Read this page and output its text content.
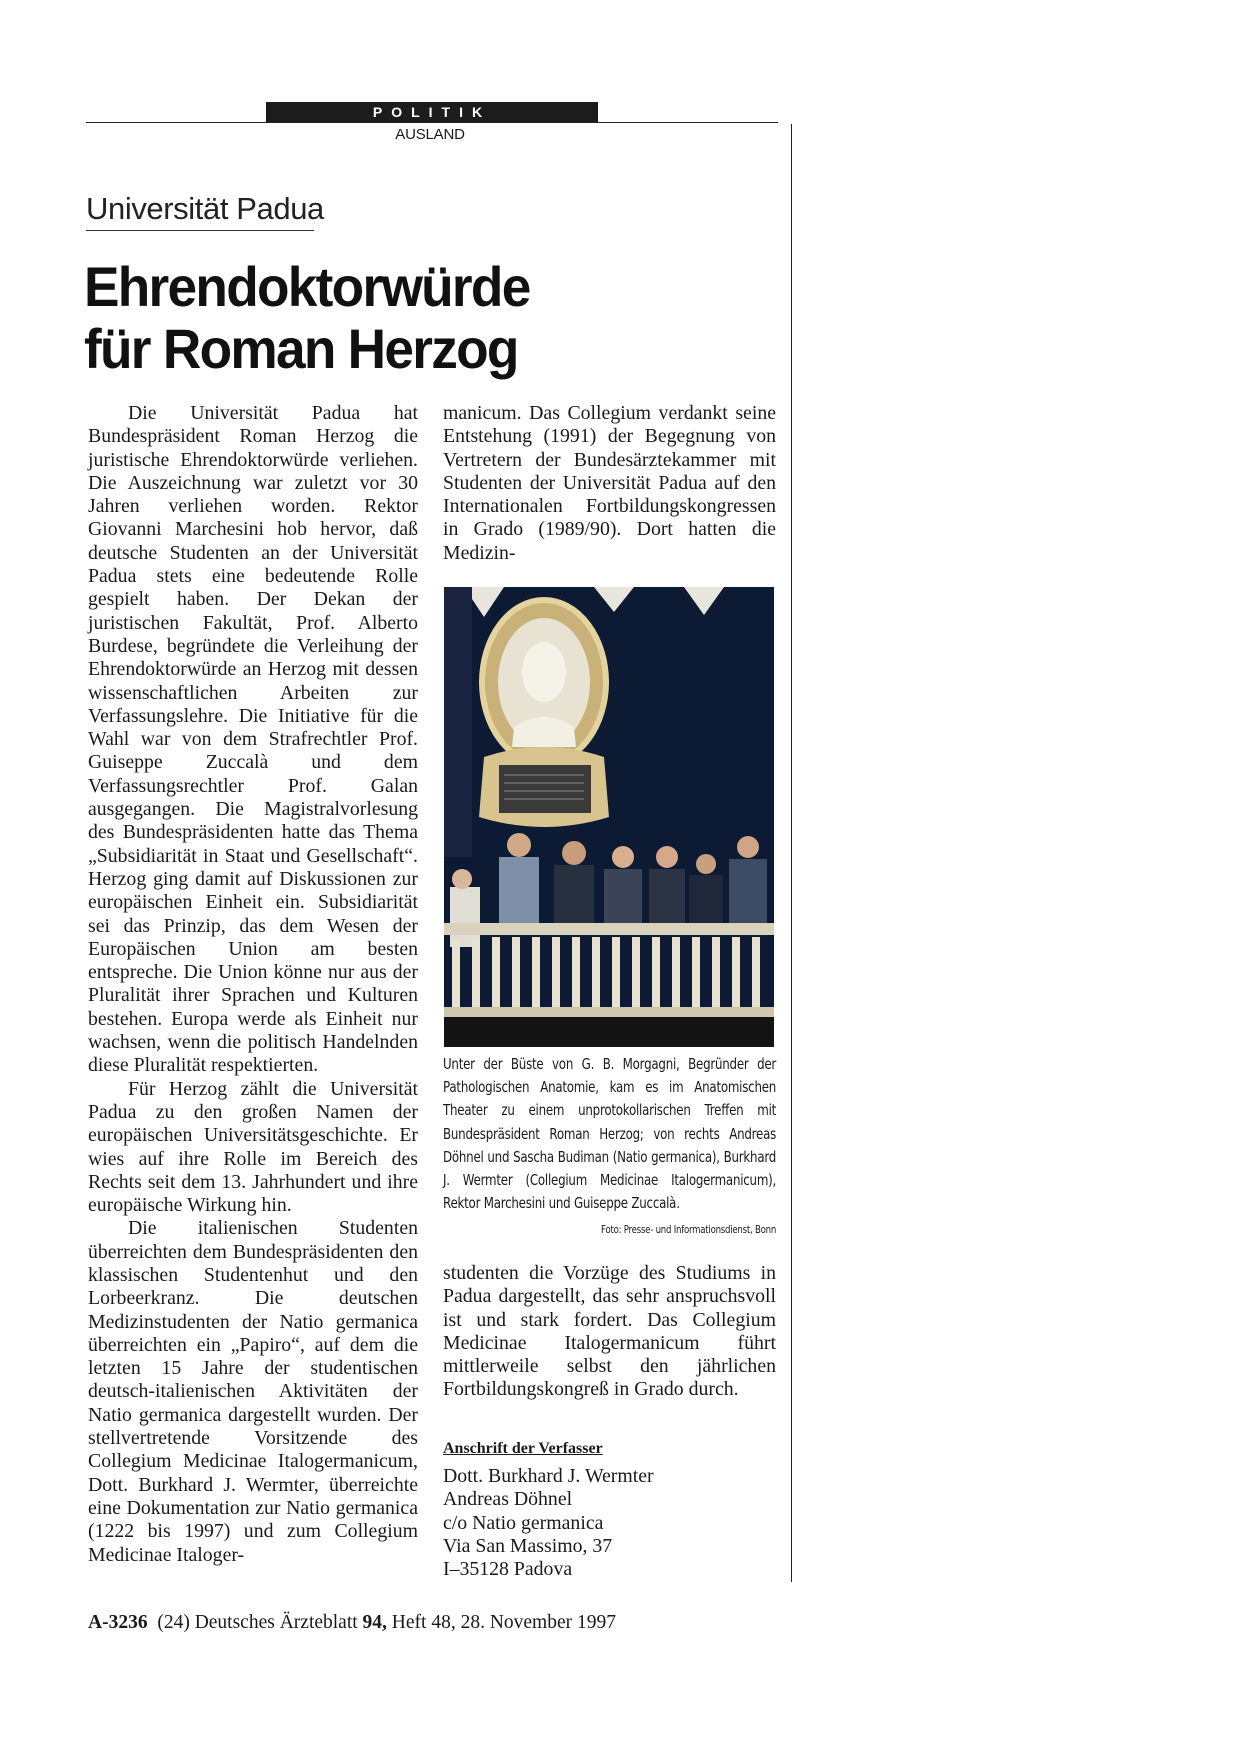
POLITIK
AUSLAND
Universität Padua
Ehrendoktorwürde
für Roman Herzog

Die Universität Padua hat Bundespräsident Roman Herzog die juristische Ehrendoktorwürde verliehen. Die Auszeichnung war zuletzt vor 30 Jahren verliehen worden. Rektor Giovanni Marchesini hob hervor, daß deutsche Studenten an der Universität Padua stets eine bedeutende Rolle gespielt haben. Der Dekan der juristischen Fakultät, Prof. Alberto Burdese, begründete die Verleihung der Ehrendoktorwürde an Herzog mit dessen wissenschaftlichen Arbeiten zur Verfassungslehre. Die Initiative für die Wahl war von dem Strafrechtler Prof. Guiseppe Zuccalà und dem Verfassungsrechtler Prof. Galan ausgegangen. Die Magistralvorlesung des Bundespräsidenten hatte das Thema „Subsidiarität in Staat und Gesellschaft“. Herzog ging damit auf Diskussionen zur europäischen Einheit ein. Subsidiarität sei das Prinzip, das dem Wesen der Europäischen Union am besten entspreche. Die Union könne nur aus der Pluralität ihrer Sprachen und Kulturen bestehen. Europa werde als Einheit nur wachsen, wenn die politisch Handelnden diese Pluralität respektierten.

Für Herzog zählt die Universität Padua zu den großen Namen der europäischen Universitätsgeschichte. Er wies auf ihre Rolle im Bereich des Rechts seit dem 13. Jahrhundert und ihre europäische Wirkung hin.

Die italienischen Studenten überreichten dem Bundespräsidenten den klassischen Studentenhut und den Lorbeerkranz. Die deutschen Medizinstudenten der Natio germanica überreichten ein „Papiro“, auf dem die letzten 15 Jahre der studentischen deutsch-italienischen Aktivitäten der Natio germanica dargestellt wurden. Der stellvertretende Vorsitzende des Collegium Medicinae Italogermanicum, Dott. Burkhard J. Wermter, überreichte eine Dokumentation zur Natio germanica (1222 bis 1997) und zum Collegium Medicinae Italoger-

manicum. Das Collegium verdankt seine Entstehung (1991) der Begegnung von Vertretern der Bundesärztekammer mit Studenten der Universität Padua auf den Internationalen Fortbildungskongressen in Grado (1989/90). Dort hatten die Medizin-

Unter der Büste von G. B. Morgagni, Begründer der Pathologischen Anatomie, kam es im Anatomischen Theater zu einem unprotokollarischen Treffen mit Bundespräsident Roman Herzog; von rechts Andreas Döhnel und Sascha Budiman (Natio germanica), Burkhard J. Wermter (Collegium Medicinae Italogermanicum), Rektor Marchesini und Guiseppe Zuccalà.
Foto: Presse- und Informationsdienst, Bonn

studenten die Vorzüge des Studiums in Padua dargestellt, das sehr anspruchsvoll ist und stark fordert. Das Collegium Medicinae Italogermanicum führt mittlerweile selbst den jährlichen Fortbildungskongreß in Grado durch.

Anschrift der Verfasser
Dott. Burkhard J. Wermter
Andreas Döhnel
c/o Natio germanica
Via San Massimo, 37
I–35128 Padova
A-3236 (24) Deutsches Ärzteblatt 94, Heft 48, 28. November 1997
